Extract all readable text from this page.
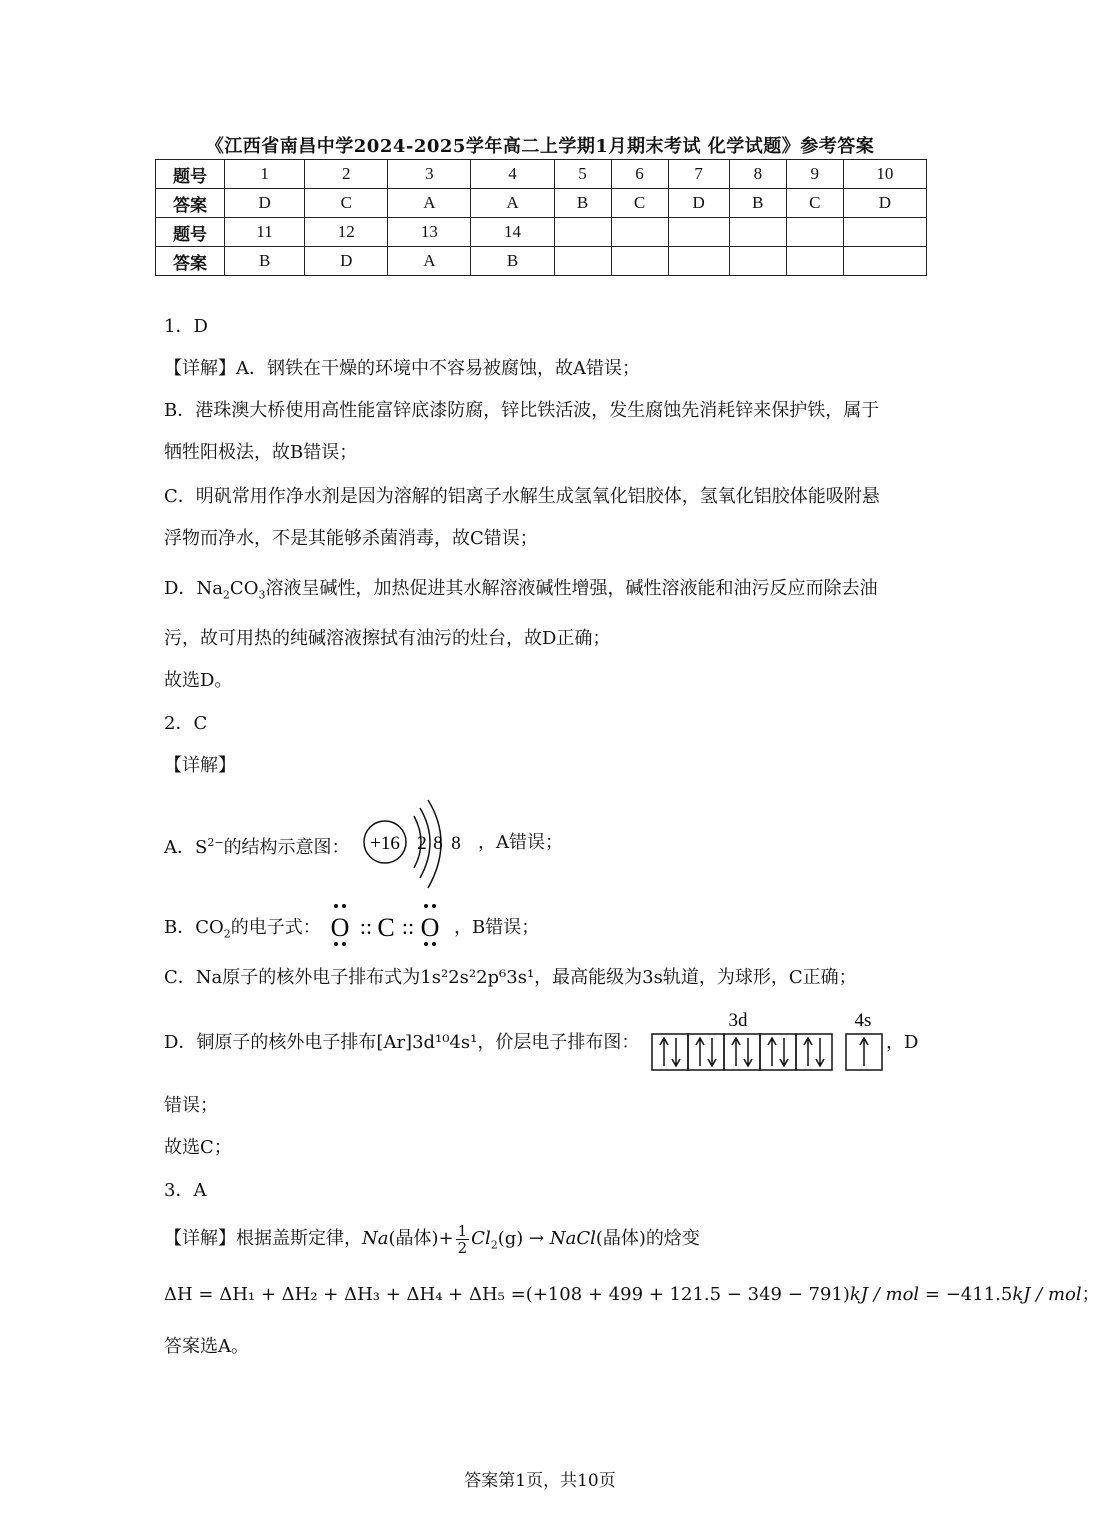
《江西省南昌中学2024-2025学年高二上学期1月期末考试 化学试题》参考答案
题号	1	2	3	4	5	6	7	8	9	10
答案	D	C	A	A	B	C	D	B	C	D
题号	11	12	13	14						
答案	B	D	A	B						
1．D
【详解】A．钢铁在干燥的环境中不容易被腐蚀，故A错误；
B．港珠澳大桥使用高性能富锌底漆防腐，锌比铁活波，发生腐蚀先消耗锌来保护铁，属于
牺牲阳极法，故B错误；
C．明矾常用作净水剂是因为溶解的铝离子水解生成氢氧化铝胶体，氢氧化铝胶体能吸附悬
浮物而净水，不是其能够杀菌消毒，故C错误；
D．$Na_2CO_3$溶液呈碱性，加热促进其水解溶液碱性增强，碱性溶液能和油污反应而除去油
污，故可用热的纯碱溶液擦拭有油污的灶台，故D正确；
故选D。
2．C
【详解】
A．$S^{2-}$的结构示意图： +16 2 8 8 ，A错误；
B．$CO_2$的电子式： O :: C :: O ，B错误；
C．Na原子的核外电子排布式为1s²2s²2p⁶3s¹，最高能级为3s轨道，为球形，C正确；
D．铜原子的核外电子排布[Ar]3d¹⁰4s¹，价层电子排布图：
3d	4s
，D
错误；
故选C；
3．A
【详解】根据盖斯定律，Na(晶体)+ $\frac{1}{2} Cl_2(g)$ → NaCl(晶体)的焓变
ΔH = ΔH₁ + ΔH₂ + ΔH₃ + ΔH₄ + ΔH₅ =(+108 + 499 + 121.5 − 349 − 791)kJ / mol = −411.5kJ / mol；
答案选A。
答案第1页，共10页
